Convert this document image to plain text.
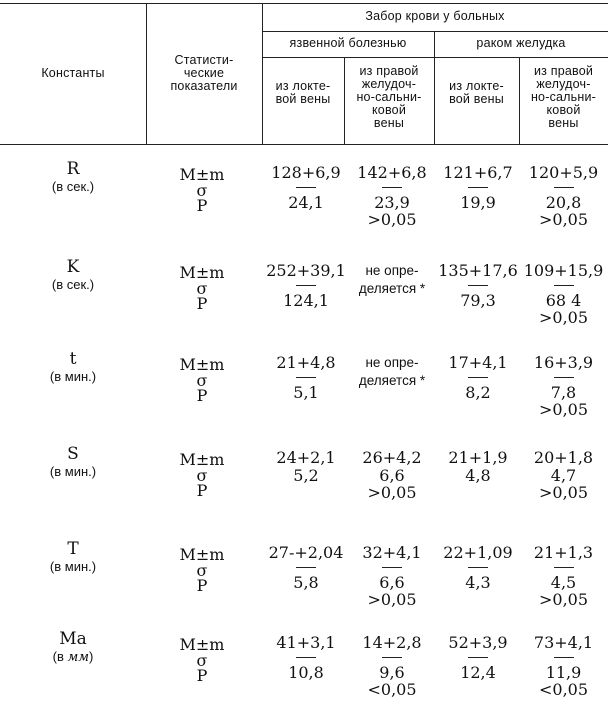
Константы
Статисти-
ческие
показатели
Забор крови у больных
язвенной болезнью	раком желудка
из локте-
вой вены
из правой
желудоч-
но-сальни-
ковой
вены
из локте-
вой вены
из правой
желудоч-
но-сальни-
ковой
вены
R
(в сек.)
M±m
σ
P
128+6,9
24,1
142+6,8
23,9
>0,05
121+6,7
19,9
120+5,9
20,8
>0,05
K
(в сек.)
M±m
σ
P
252+39,1
124,1
не опре-
деляется *
135+17,6
79,3
109+15,9
68 4
>0,05
t
(в мин.)
M±m
σ
P
21+4,8
5,1
не опре-
деляется *
17+4,1
8,2
16+3,9
7,8
>0,05
S
(в мин.)
M±m
σ
P
24+2,1
5,2
26+4,2
6,6
>0,05
21+1,9
4,8
20+1,8
4,7
>0,05
T
(в мин.)
M±m
σ
P
27-+2,04
5,8
32+4,1
6,6
>0,05
22+1,09
4,3
21+1,3
4,5
>0,05
Ma
(в мм)
M±m
σ
P
41+3,1
10,8
14+2,8
9,6
<0,05
52+3,9
12,4
73+4,1
11,9
<0,05
